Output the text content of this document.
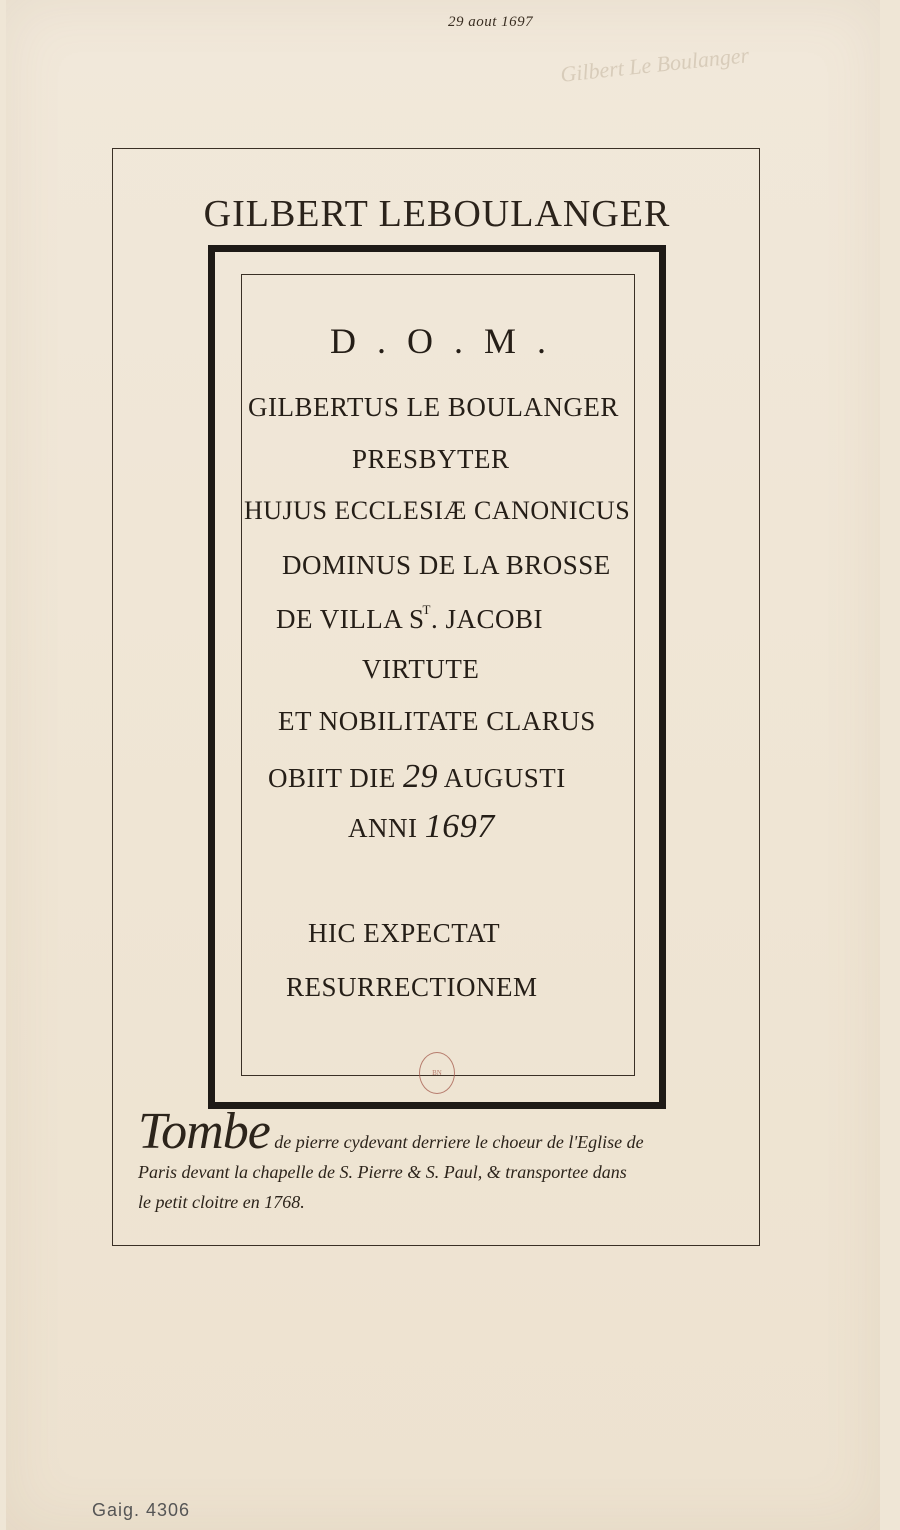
29 aout 1697
Gilbert Le Boulanger
GILBERT LEBOULANGER
D . O . M .
GILBERTUS LE BOULANGER
PRESBYTER
HUJUS ECCLESIÆ CANONICUS
DOMINUS DE LA BROSSE
DE VILLA $S^T$. JACOBI
VIRTUTE
ET NOBILITATE CLARUS
OBIIT DIE 29 AUGUSTI
ANNI 1697
HIC EXPECTAT
RESURRECTIONEM
BN
Tombe de pierre cydevant derriere le choeur de l'Eglise de
Paris devant la chapelle de S. Pierre & S. Paul, & transportee dans
le petit cloitre en 1768.
Gaig. 4306
